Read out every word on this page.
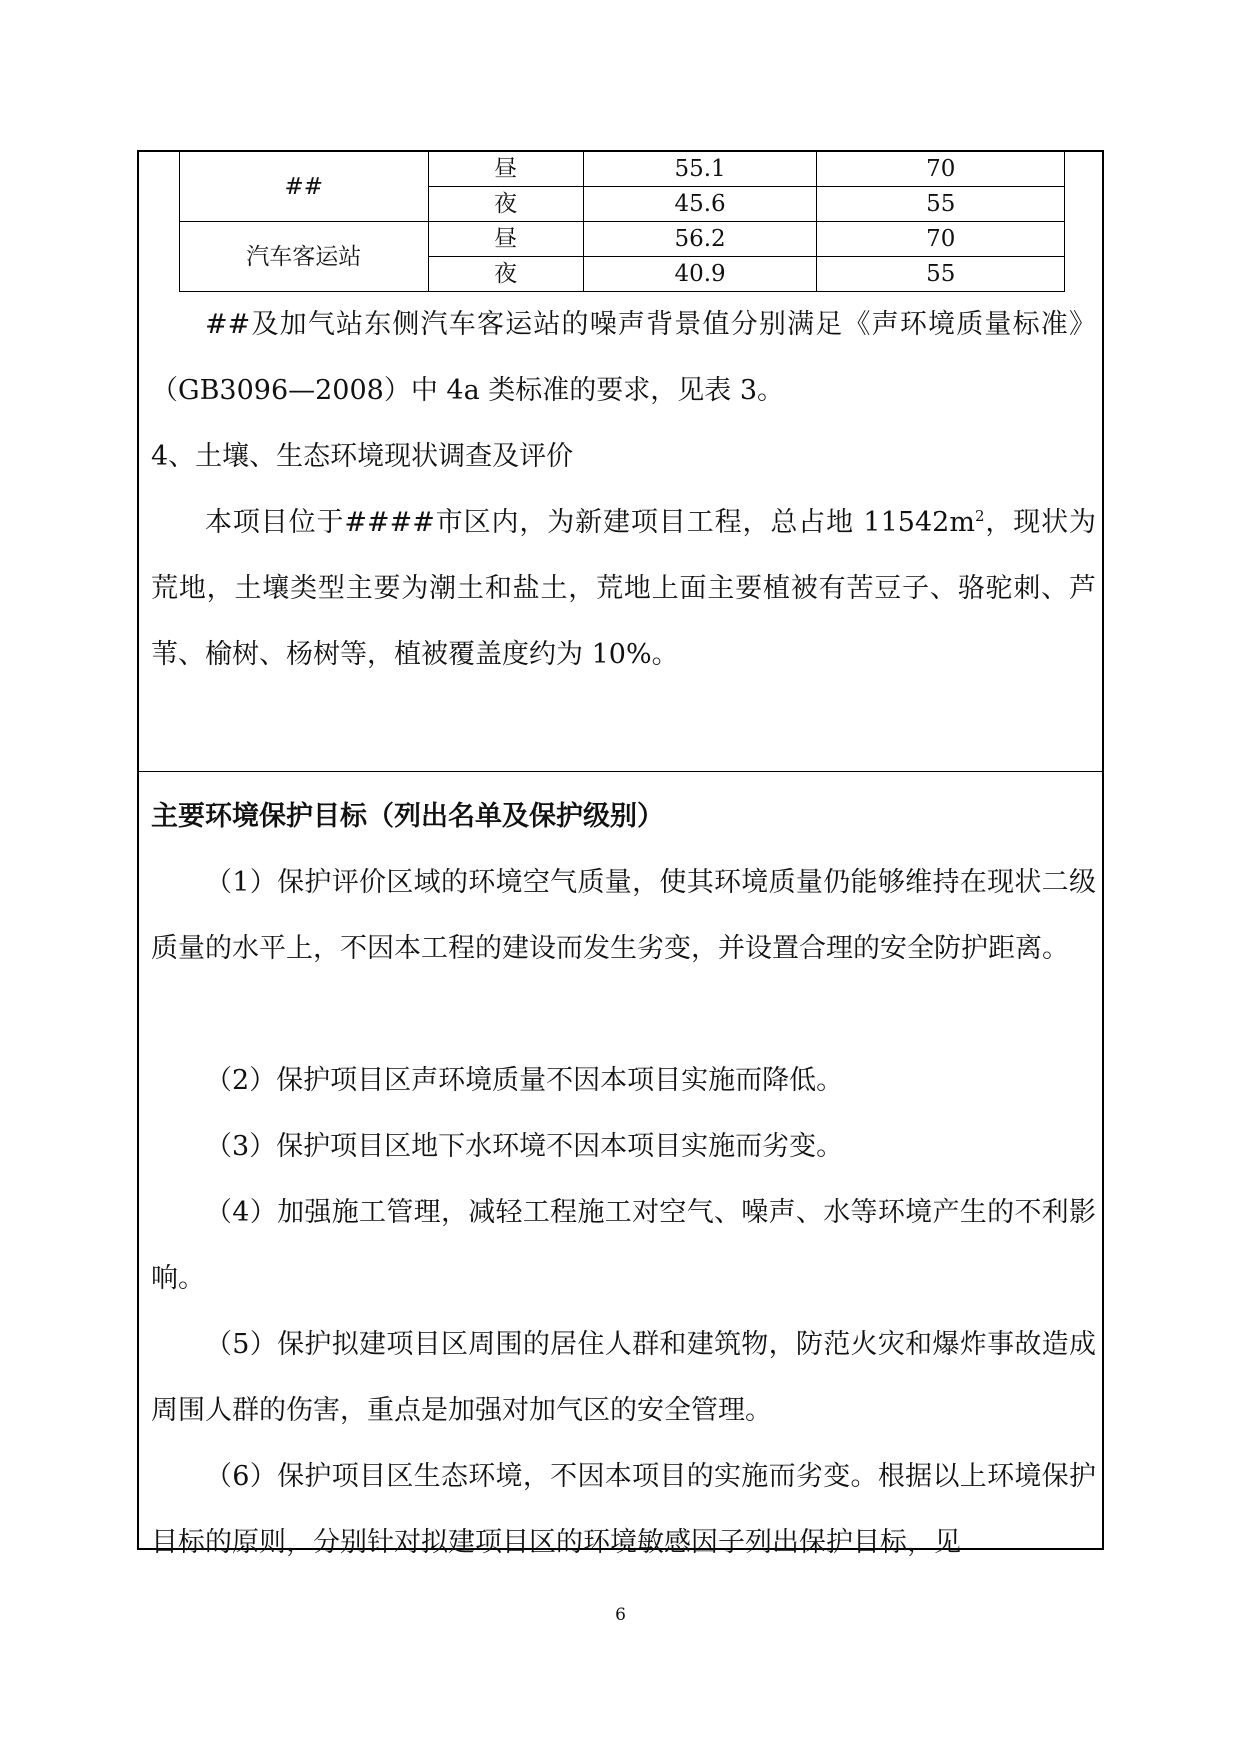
##	昼	55.1	70
	夜	45.6	55
汽车客运站	昼	56.2	70
	夜	40.9	55

##及加气站东侧汽车客运站的噪声背景值分别满足《声环境质量标准》（GB3096—2008）中 4a 类标准的要求，见表 3。

4、土壤、生态环境现状调查及评价

本项目位于####市区内，为新建项目工程，总占地 $11542m^2$，现状为荒地，土壤类型主要为潮土和盐土，荒地上面主要植被有苦豆子、骆驼刺、芦苇、榆树、杨树等，植被覆盖度约为 10%。

主要环境保护目标（列出名单及保护级别）

（1）保护评价区域的环境空气质量，使其环境质量仍能够维持在现状二级质量的水平上，不因本工程的建设而发生劣变，并设置合理的安全防护距离。

（2）保护项目区声环境质量不因本项目实施而降低。

（3）保护项目区地下水环境不因本项目实施而劣变。

（4）加强施工管理，减轻工程施工对空气、噪声、水等环境产生的不利影响。

（5）保护拟建项目区周围的居住人群和建筑物，防范火灾和爆炸事故造成周围人群的伤害，重点是加强对加气区的安全管理。

（6）保护项目区生态环境，不因本项目的实施而劣变。根据以上环境保护目标的原则，分别针对拟建项目区的环境敏感因子列出保护目标，见

6
